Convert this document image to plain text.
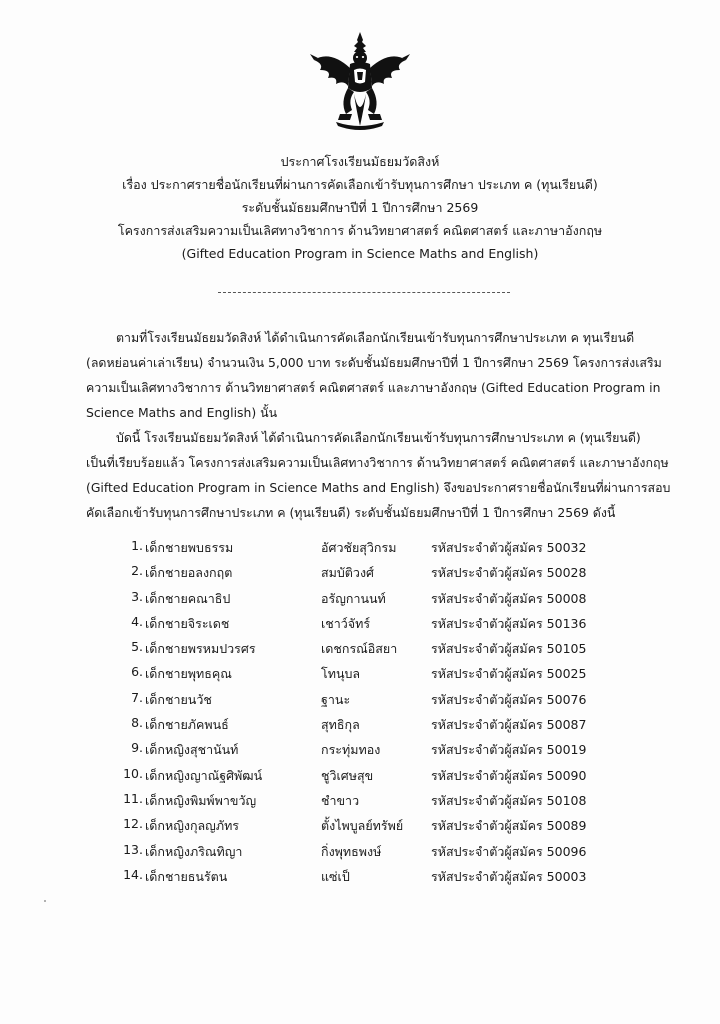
ประกาศโรงเรียนมัธยมวัดสิงห์
เรื่อง ประกาศรายชื่อนักเรียนที่ผ่านการคัดเลือกเข้ารับทุนการศึกษา ประเภท ค (ทุนเรียนดี)
ระดับชั้นมัธยมศึกษาปีที่ 1 ปีการศึกษา 2569
โครงการส่งเสริมความเป็นเลิศทางวิชาการ ด้านวิทยาศาสตร์ คณิตศาสตร์ และภาษาอังกฤษ
(Gifted Education Program in Science Maths and English)
ตามที่โรงเรียนมัธยมวัดสิงห์ ได้ดำเนินการคัดเลือกนักเรียนเข้ารับทุนการศึกษาประเภท ค ทุนเรียนดี
(ลดหย่อนค่าเล่าเรียน) จำนวนเงิน 5,000 บาท ระดับชั้นมัธยมศึกษาปีที่ 1 ปีการศึกษา 2569 โครงการส่งเสริม
ความเป็นเลิศทางวิชาการ ด้านวิทยาศาสตร์ คณิตศาสตร์ และภาษาอังกฤษ (Gifted Education Program in
Science Maths and English) นั้น
บัดนี้ โรงเรียนมัธยมวัดสิงห์ ได้ดำเนินการคัดเลือกนักเรียนเข้ารับทุนการศึกษาประเภท ค (ทุนเรียนดี)
เป็นที่เรียบร้อยแล้ว โครงการส่งเสริมความเป็นเลิศทางวิชาการ ด้านวิทยาศาสตร์ คณิตศาสตร์ และภาษาอังกฤษ
(Gifted Education Program in Science Maths and English) จึงขอประกาศรายชื่อนักเรียนที่ผ่านการสอบ
คัดเลือกเข้ารับทุนการศึกษาประเภท ค (ทุนเรียนดี) ระดับชั้นมัธยมศึกษาปีที่ 1 ปีการศึกษา 2569 ดังนี้
1. เด็กชายพบธรรม	อัศวชัยสุวิกรม	รหัสประจำตัวผู้สมัคร 50032
2. เด็กชายอลงกฤต	สมบัติวงศ์	รหัสประจำตัวผู้สมัคร 50028
3. เด็กชายคณาธิป	อรัญกานนท์	รหัสประจำตัวผู้สมัคร 50008
4. เด็กชายจิระเดช	เชาว์จัทร์	รหัสประจำตัวผู้สมัคร 50136
5. เด็กชายพรหมปวรศร	เดชกรณ์อิสยา	รหัสประจำตัวผู้สมัคร 50105
6. เด็กชายพุทธคุณ	โทนุบล	รหัสประจำตัวผู้สมัคร 50025
7. เด็กชายนวัช	ฐานะ	รหัสประจำตัวผู้สมัคร 50076
8. เด็กชายภัคพนธ์	สุทธิกุล	รหัสประจำตัวผู้สมัคร 50087
9. เด็กหญิงสุชานันท์	กระทุ่มทอง	รหัสประจำตัวผู้สมัคร 50019
10. เด็กหญิงญาณัฐศิพัฒน์	ชูวิเศษสุข	รหัสประจำตัวผู้สมัคร 50090
11. เด็กหญิงพิมพ์พาขวัญ	ชำขาว	รหัสประจำตัวผู้สมัคร 50108
12. เด็กหญิงกุลญภัทร	ตั้งไพบูลย์ทรัพย์ รหัสประจำตัวผู้สมัคร 50089
13. เด็กหญิงภริณทิญา	กิ่งพุทธพงษ์	รหัสประจำตัวผู้สมัคร 50096
14. เด็กชายธนรัตน	แซ่เป็	รหัสประจำตัวผู้สมัคร 50003
